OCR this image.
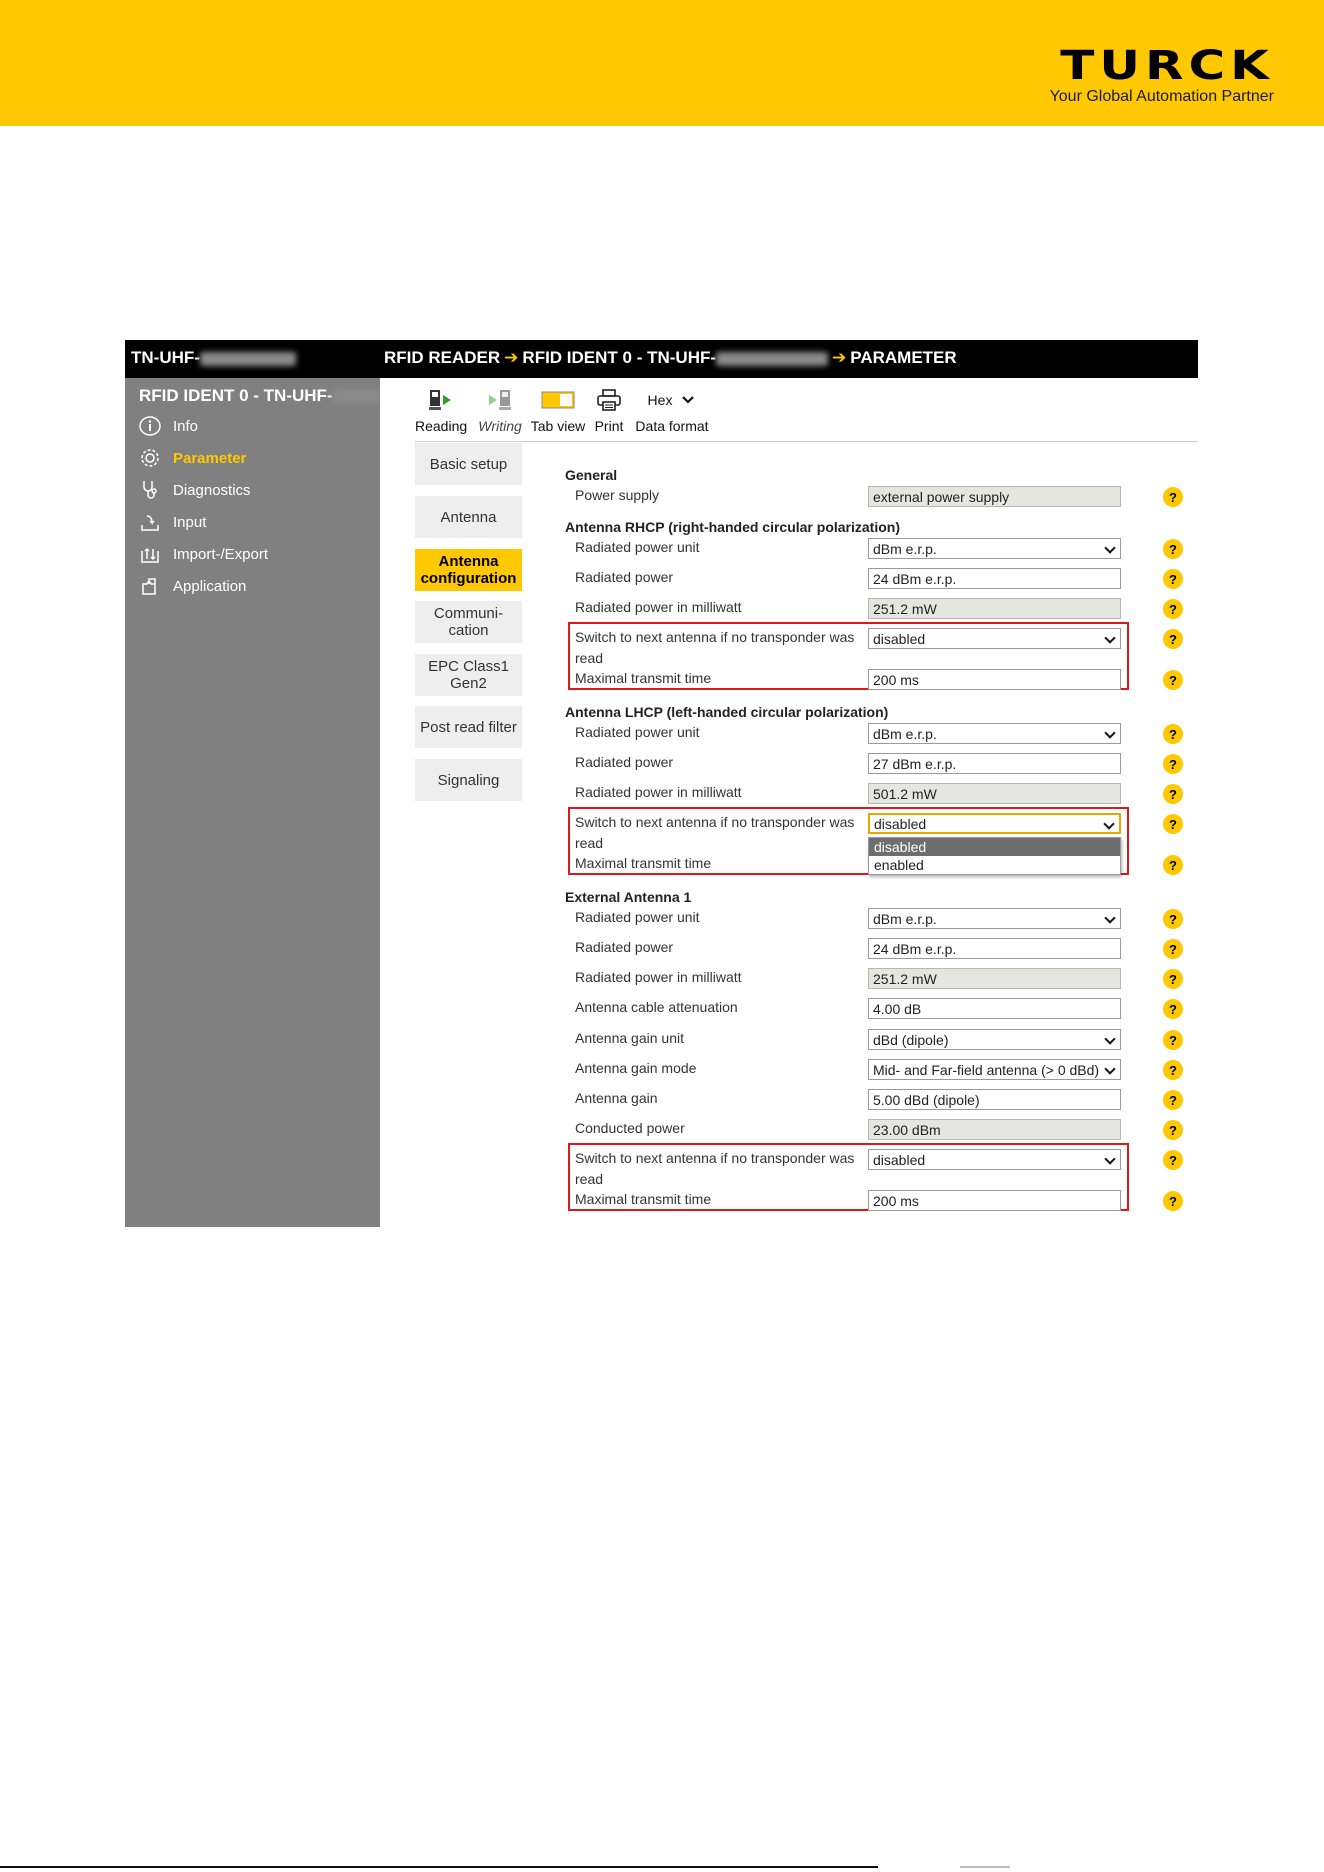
TURCK
Your Global Automation Partner
TN-UHF-	RFID READER ➔ RFID IDENT 0 - TN-UHF-	➔ PARAMETER
RFID IDENT 0 - TN-UHF-
Info
Parameter
Diagnostics
Input
Import-/Export
Application
Reading Writing Tab view Print
Hex
Data format
Basic setup
Antenna
Antenna configuration
Communi- cation
EPC Class1 Gen2
Post read filter
Signaling
General
Power supply	external power supply	?
Antenna RHCP (right-handed circular polarization)
Radiated power unit	dBm e.r.p.	?
Radiated power	24 dBm e.r.p.	?
Radiated power in milliwatt	251.2 mW	?
Switch to next antenna if no transponder was read
disabled	?
Maximal transmit time	200 ms	?
Antenna LHCP (left-handed circular polarization)
Radiated power unit	dBm e.r.p.	?
Radiated power	27 dBm e.r.p.	?
Radiated power in milliwatt	501.2 mW	?
Switch to next antenna if no transponder was read
disabled	?
Maximal transmit time	?
disabled
enabled
External Antenna 1
Radiated power unit	dBm e.r.p.	?
Radiated power	24 dBm e.r.p.	?
Radiated power in milliwatt	251.2 mW	?
Antenna cable attenuation	4.00 dB	?
Antenna gain unit	dBd (dipole)	?
Antenna gain mode	Mid- and Far-field antenna (> 0 dBd)	?
Antenna gain	5.00 dBd (dipole)	?
Conducted power	23.00 dBm	?
Switch to next antenna if no transponder was read
disabled	?
Maximal transmit time	200 ms	?
